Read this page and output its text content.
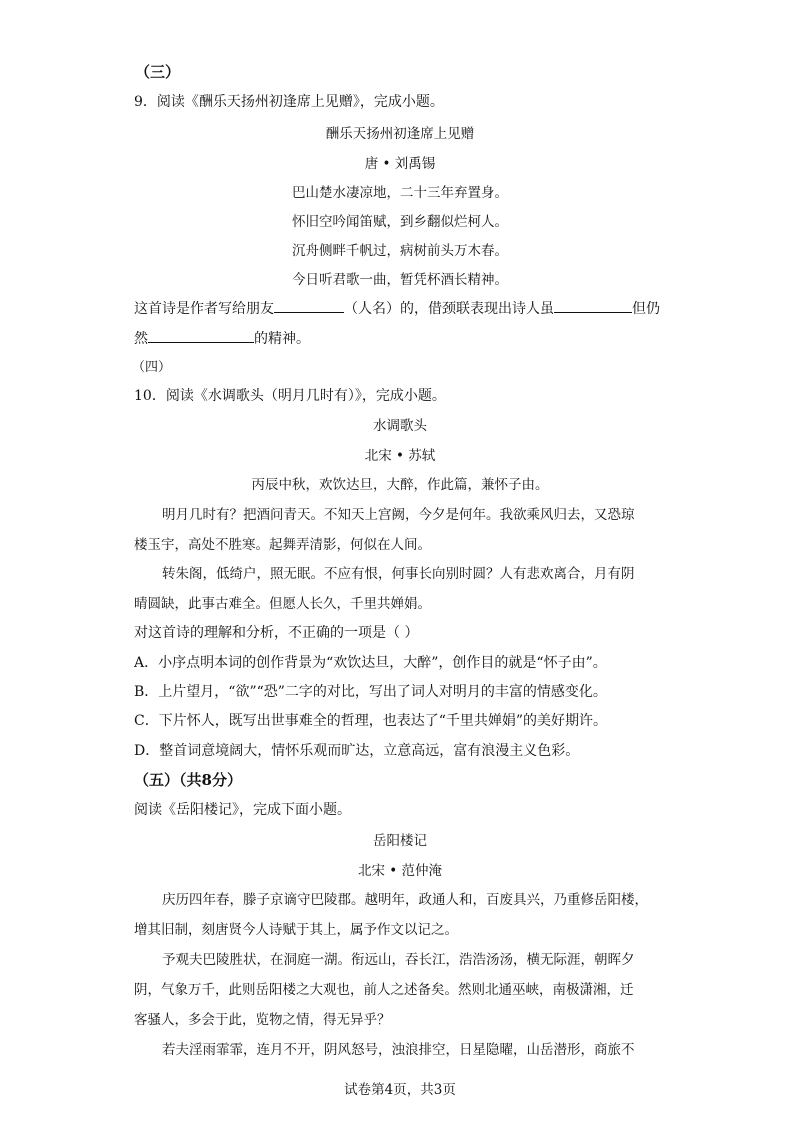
（三）
9．阅读《酬乐天扬州初逢席上见赠》，完成小题。
酬乐天扬州初逢席上见赠
唐 • 刘禹锡
巴山楚水凄凉地，二十三年弃置身。
怀旧空吟闻笛赋，到乡翻似烂柯人。
沉舟侧畔千帆过，病树前头万木春。
今日听君歌一曲，暂凭杯酒长精神。
这首诗是作者写给朋友	（人名）的，借颈联表现出诗人虽	但仍
然	的精神。
（四）
10．阅读《水调歌头（明月几时有）》，完成小题。
水调歌头
北宋 • 苏轼
丙辰中秋，欢饮达旦，大醉，作此篇，兼怀子由。
明月几时有？把酒问青天。不知天上宫阙，今夕是何年。我欲乘风归去，又恐琼
楼玉宇，高处不胜寒。起舞弄清影，何似在人间。
转朱阁，低绮户，照无眠。不应有恨，何事长向别时圆？人有悲欢离合，月有阴
晴圆缺，此事古难全。但愿人长久，千里共婵娟。
对这首诗的理解和分析，不正确的一项是（ ）
A．小序点明本词的创作背景为“欢饮达旦，大醉”，创作目的就是“怀子由”。
B．上片望月，“欲”“恐”二字的对比，写出了词人对明月的丰富的情感变化。
C．下片怀人，既写出世事难全的哲理，也表达了“千里共婵娟”的美好期许。
D．整首词意境阔大，情怀乐观而旷达，立意高远，富有浪漫主义色彩。
（五）（共8分）
阅读《岳阳楼记》，完成下面小题。
岳阳楼记
北宋 • 范仲淹
庆历四年春，滕子京谪守巴陵郡。越明年，政通人和，百废具兴，乃重修岳阳楼，
增其旧制，刻唐贤今人诗赋于其上，属予作文以记之。
予观夫巴陵胜状，在洞庭一湖。衔远山，吞长江，浩浩汤汤，横无际涯，朝晖夕
阴，气象万千，此则岳阳楼之大观也，前人之述备矣。然则北通巫峡，南极潇湘，迁
客骚人，多会于此，览物之情，得无异乎？
若夫淫雨霏霏，连月不开，阴风怒号，浊浪排空，日星隐曜，山岳潜形，商旅不
试卷第4页，共3页
